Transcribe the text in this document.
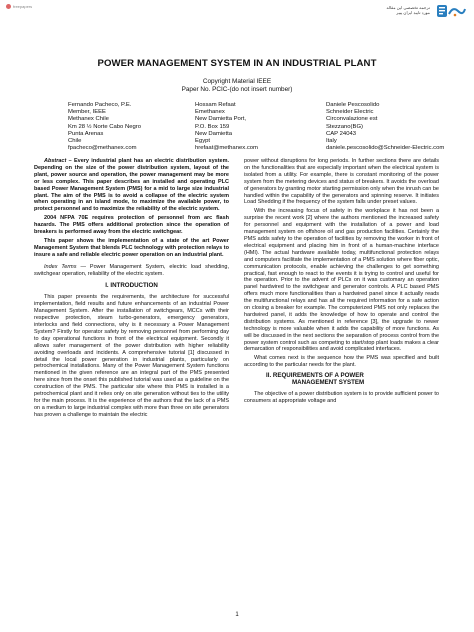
freepapers	ترجمه تخصصی این مقاله
مورد تایید ایران پیپر
POWER MANAGEMENT SYSTEM IN AN INDUSTRIAL PLANT
Copyright Material IEEE
Paper No. PCIC-(do not insert number)
Fernando Pacheco, P.E.
Member, IEEE
Methanex Chile
Km 28 ½ Norte Cabo Negro
Punta Arenas
Chile
fpacheco@methanex.com
Hossam Refaat
Emethanex
New Damietta Port,
P.O. Box 159
New Damietta
Egypt
hrefaat@methanex.com
Daniele Pescosolido
Schneider Electric
Circonvalazione est
Stezzano(BG)
CAP 24043
Italy
daniele.pescosolido@Schneider-Electric.com

Abstract – Every industrial plant has an electric distribution system. Depending on the size of the power distribution system, layout of the plant, power source and operation, the power management may be more or less complex. This paper describes an installed and operating PLC based Power Management System (PMS) for a mid to large size industrial plant. The aim of the PMS is to avoid a collapse of the electric system when operating in an island mode, to maximize the available power, to protect personnel and to maximize the reliability of the electric system.

2004 NFPA 70E requires protection of personnel from arc flash hazards. The PMS offers additional protection since the operation of breakers is performed away from the electric switchgear.

This paper shows the implementation of a state of the art Power Management System that blends PLC technology with protection relays to insure a safe and reliable electric power operation on an industrial plant.

Index Terms — Power Management System, electric load shedding, switchgear operation, reliability of the electric system.

I. INTRODUCTION

This paper presents the requirements, the architecture for successful implementation, field results and future enhancements of an industrial Power Management System. After the installation of switchgears, MCCs with their respective protection, steam turbo-generators, emergency generators, interlocks and field connections, why is it necessary a Power Management System? Firstly for operator safety by removing personnel from performing day to day operational functions in front of the electrical equipment. Secondly it allows safer management of the power distribution with higher reliability avoiding overloads and incidents. A comprehensive tutorial [1] discussed in detail the local power generation in industrial plants, particularly on petrochemical installations. Many of the Power Management System functions mentioned in the given reference are an integral part of the PMS presented here since from the onset this published tutorial was used as a guideline on the construction of the PMS. The particular site where this PMS is installed is a petrochemical plant and it relies only on site generation without ties to the utility for the main process. It is the experience of the authors that the lack of a PMS on a medium to large industrial complex with more than three on site generators has proven a challenge to maintain the electric

power without disruptions for long periods. In further sections there are details on the functionalities that are especially important when the electrical system is isolated from a utility. For example, there is constant monitoring of the power system from the metering devices and status of breakers. It avoids the overload of generators by granting motor starting permission only when the inrush can be handled within the capability of the generators and spinning reserve. It initiates Load Shedding if the frequency of the system falls under preset values.

With the increasing focus of safety in the workplace it has not been a surprise the recent work [2] where the authors mentioned the increased safety for personnel and equipment with the installation of a power and load management system on offshore oil and gas production facilities. Certainly the PMS adds safety to the operation of facilities by removing the worker in front of electrical equipment and placing him in front of a human-machine interface (HMI). The actual hardware available today, multifunctional protection relays and computers facilitate the implementation of a PMS solution where fiber optic, communication protocols, enable achieving the challenges to get something practical, fast enough to react to the events it is trying to control and useful for the operation. Prior to the advent of PLCs on it was customary an operation panel hardwired to the switchgear and generator controls. A PLC based PMS offers much more functionalities than a hardwired panel since it actually reads the multifunctional relays and has all the required information for a safe action on closing a breaker for example. The computerized PMS not only replaces the hardwired panel, it adds the knowledge of how to operate and control the distribution systems. As mentioned in reference [3], the upgrade to newer technology is more valuable when it adds the capability of more functions. As will be discussed in the next sections the separation of process control from the power system control such as competing to start/stop plant loads makes a clear demarcation of responsibilities and avoid complicated interfaces.

What comes next is the sequence how the PMS was specified and built according to the particular needs for the plant.

II. REQUIREMENTS OF A POWER
MANAGEMENT SYSTEM

The objective of a power distribution system is to provide sufficient power to consumers at appropriate voltage and

1
